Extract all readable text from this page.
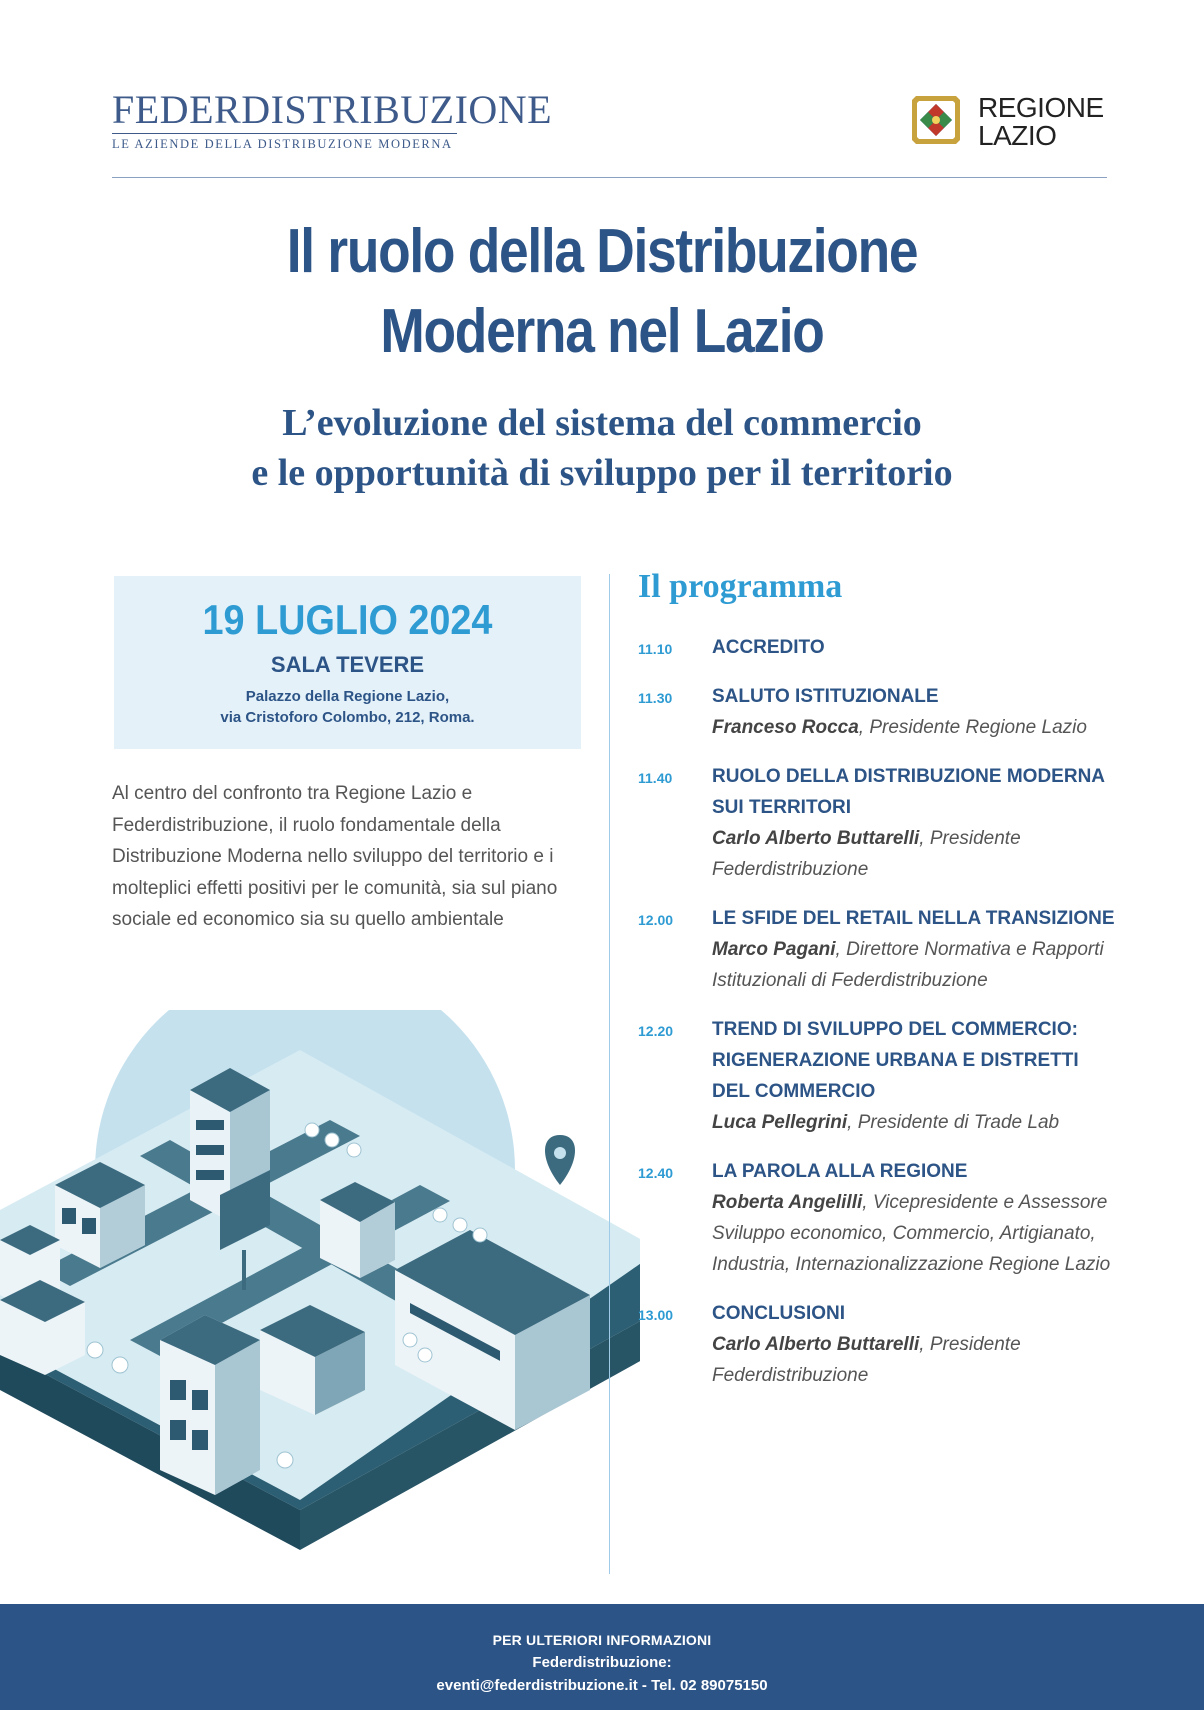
FEDERDISTRIBUZIONE
LE AZIENDE DELLA DISTRIBUZIONE MODERNA
REGIONE
LAZIO
Il ruolo della Distribuzione
Moderna nel Lazio
L’evoluzione del sistema del commercio
e le opportunità di sviluppo per il territorio
19 LUGLIO 2024
SALA TEVERE
Palazzo della Regione Lazio,
via Cristoforo Colombo, 212, Roma.
Al centro del confronto tra Regione Lazio e Federdistribuzione, il ruolo fondamentale della Distribuzione Moderna nello sviluppo del territorio e i molteplici effetti positivi per le comunità, sia sul piano sociale ed economico sia su quello ambientale
Il programma
11.10 ACCREDITO
11.30 SALUTO ISTITUZIONALE
Franceso Rocca, Presidente Regione Lazio
11.40 RUOLO DELLA DISTRIBUZIONE MODERNA SUI TERRITORI
Carlo Alberto Buttarelli, Presidente Federdistribuzione
12.00 LE SFIDE DEL RETAIL NELLA TRANSIZIONE
Marco Pagani, Direttore Normativa e Rapporti Istituzionali di Federdistribuzione
12.20 TREND DI SVILUPPO DEL COMMERCIO: RIGENERAZIONE URBANA E DISTRETTI DEL COMMERCIO
Luca Pellegrini, Presidente di Trade Lab
12.40 LA PAROLA ALLA REGIONE
Roberta Angelilli, Vicepresidente e Assessore Sviluppo economico, Commercio, Artigianato, Industria, Internazionalizzazione Regione Lazio
13.00 CONCLUSIONI
Carlo Alberto Buttarelli, Presidente Federdistribuzione
PER ULTERIORI INFORMAZIONI
Federdistribuzione:
eventi@federdistribuzione.it - Tel. 02 89075150
